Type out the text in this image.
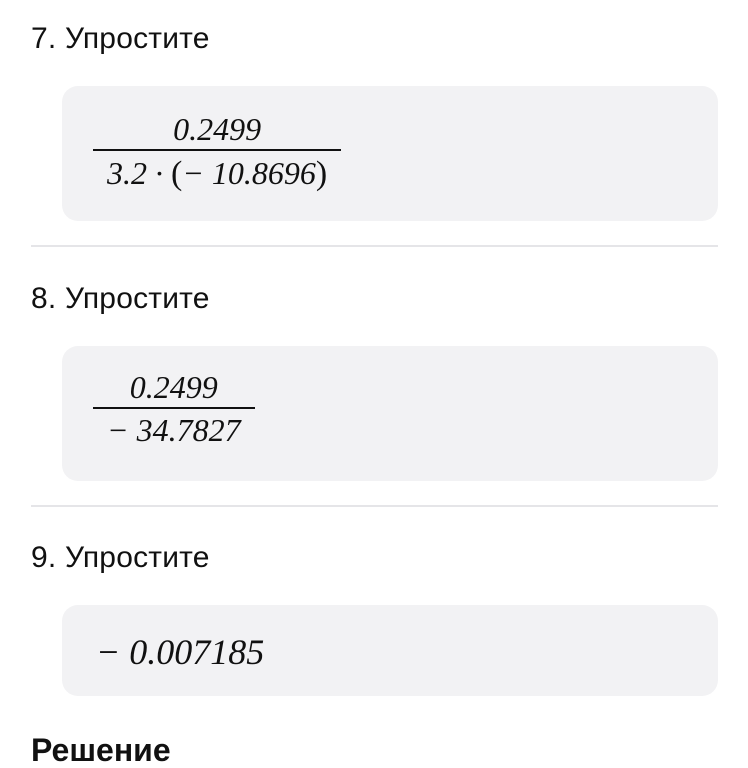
7. Упростите
0.2499
3.2 · (− 10.8696)
8. Упростите
0.2499
− 34.7827
9. Упростите
− 0.007185
Решение
